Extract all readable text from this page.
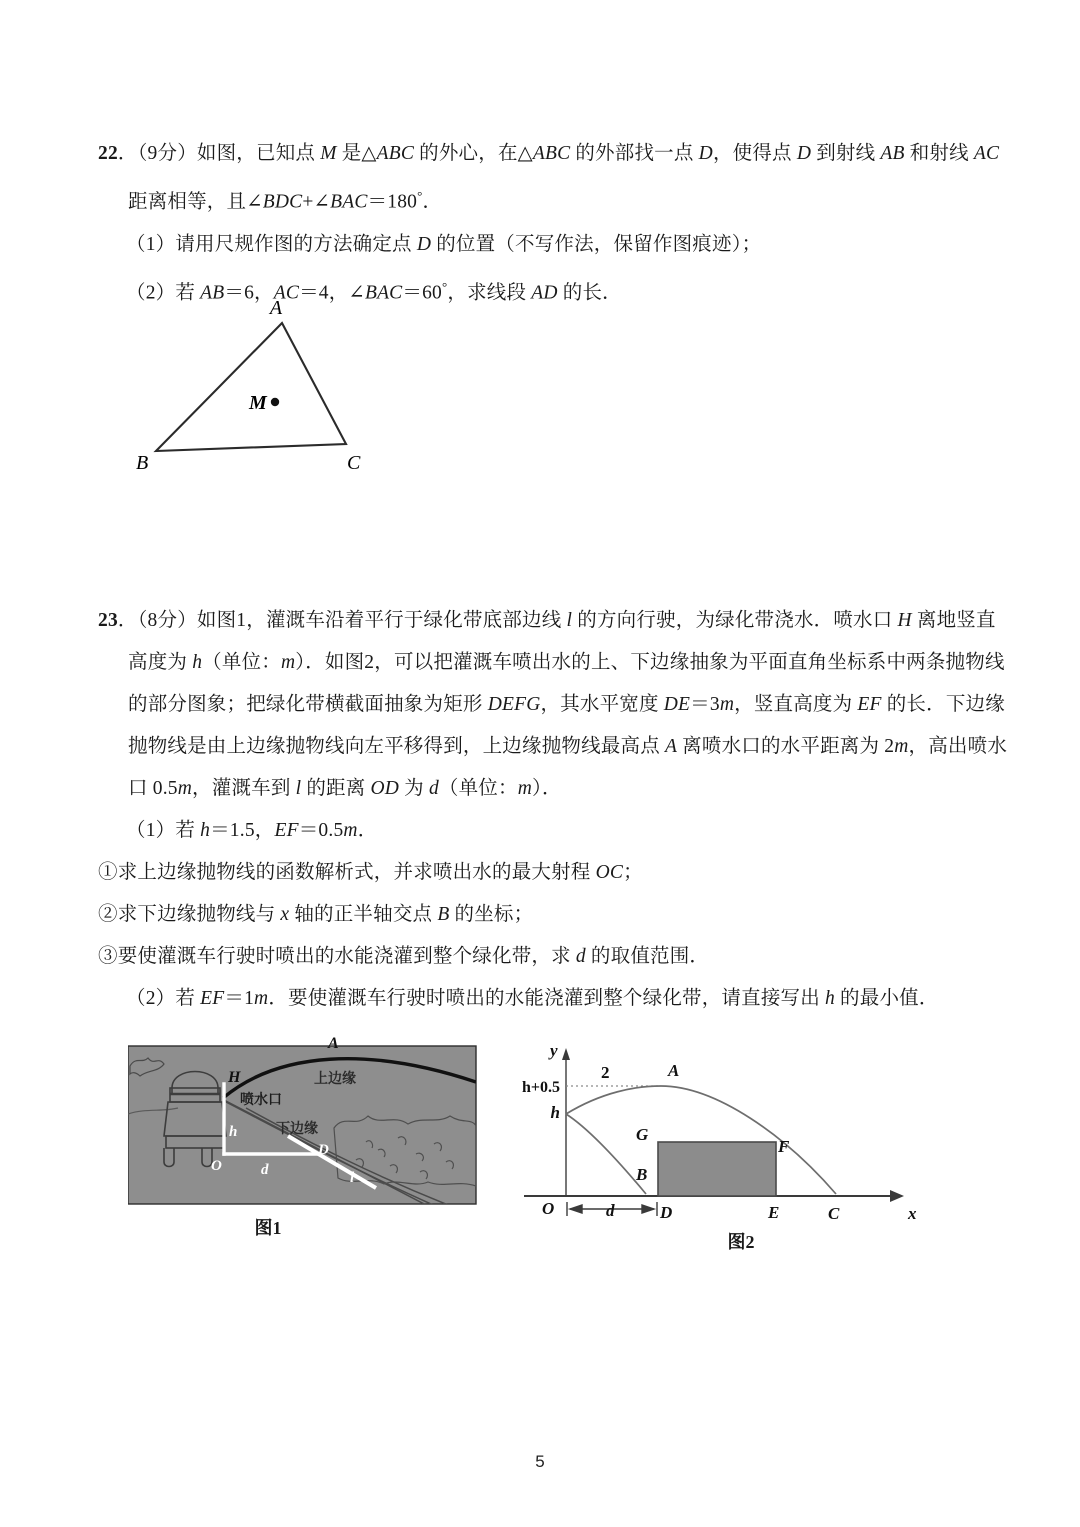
22．（9分）如图，已知点 M 是△ABC 的外心，在△ABC 的外部找一点 D，使得点 D 到射线 AB 和射线 AC
距离相等，且∠BDC+∠BAC＝180°．
（1）请用尺规作图的方法确定点 D 的位置（不写作法，保留作图痕迹）；
（2）若 AB＝6，AC＝4，∠BAC＝60°，求线段 AD 的长．
A
B	C
M
23．（8分）如图1，灌溉车沿着平行于绿化带底部边线 l 的方向行驶，为绿化带浇水．喷水口 H 离地竖直
高度为 h（单位：m）．如图2，可以把灌溉车喷出水的上、下边缘抽象为平面直角坐标系中两条抛物线
的部分图象；把绿化带横截面抽象为矩形 DEFG，其水平宽度 DE＝3m，竖直高度为 EF 的长．下边缘
抛物线是由上边缘抛物线向左平移得到，上边缘抛物线最高点 A 离喷水口的水平距离为 2m，高出喷水
口 0.5m，灌溉车到 l 的距离 OD 为 d（单位：m）．
（1）若 h＝1.5，EF＝0.5m．
①求上边缘抛物线的函数解析式，并求喷出水的最大射程 OC；
②求下边缘抛物线与 x 轴的正半轴交点 B 的坐标；
③要使灌溉车行驶时喷出的水能浇灌到整个绿化带，求 d 的取值范围．
（2）若 EF＝1m．要使灌溉车行驶时喷出的水能浇灌到整个绿化带，请直接写出 h 的最小值．
A
H	上边缘
喷水口
下边缘
h
O	d
D
l
图1
y
x
O
h+0.5
h
2	A
B
C
D	E
F
G
d
图2
5
